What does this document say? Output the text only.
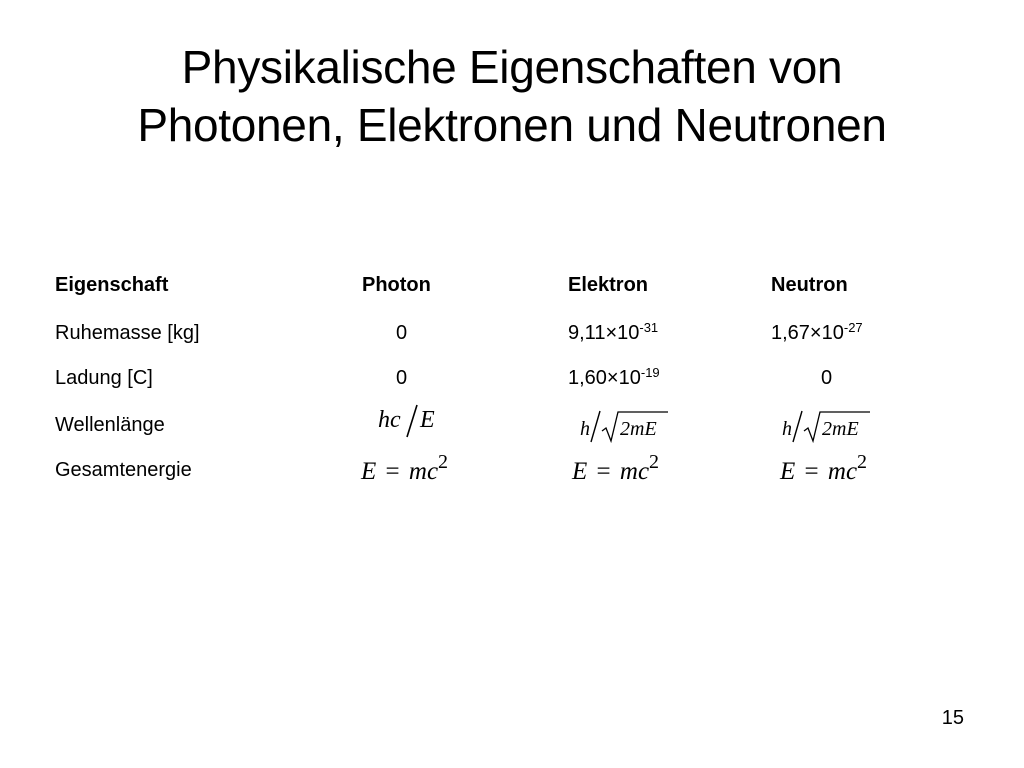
Physikalische Eigenschaften von
Photonen, Elektronen und Neutronen
Eigenschaft	Photon	Elektron	Neutron
Ruhemasse [kg]	0	$9,11\times 10^{-31}$	$1,67\times 10^{-27}$
Ladung [C]	0	$1,60\times 10^{-19}$	0
Wellenlänge	hc E	h 2mE	h 2mE
Gesamtenergie	$E = mc^2$	$E = mc^2$	$E = mc^2$
15
